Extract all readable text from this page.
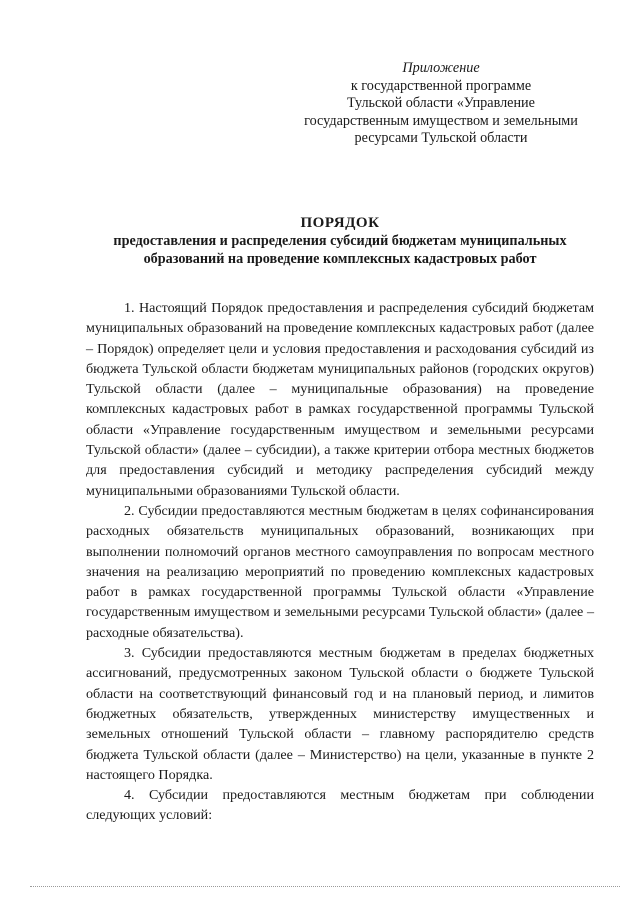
Приложение
к государственной программе
Тульской области «Управление
государственным имуществом и земельными
ресурсами Тульской области
ПОРЯДОК
предоставления и распределения субсидий бюджетам муниципальных образований на проведение комплексных кадастровых работ

1. Настоящий Порядок предоставления и распределения субсидий бюджетам муниципальных образований на проведение комплексных кадастровых работ (далее – Порядок) определяет цели и условия предоставления и расходования субсидий из бюджета Тульской области бюджетам муниципальных районов (городских округов) Тульской области (далее – муниципальные образования) на проведение комплексных кадастровых работ в рамках государственной программы Тульской области «Управление государственным имуществом и земельными ресурсами Тульской области» (далее – субсидии), а также критерии отбора местных бюджетов для предоставления субсидий и методику распределения субсидий между муниципальными образованиями Тульской области.

2. Субсидии предоставляются местным бюджетам в целях софинансирования расходных обязательств муниципальных образований, возникающих при выполнении полномочий органов местного самоуправления по вопросам местного значения на реализацию мероприятий по проведению комплексных кадастровых работ в рамках государственной программы Тульской области «Управление государственным имуществом и земельными ресурсами Тульской области» (далее – расходные обязательства).

3. Субсидии предоставляются местным бюджетам в пределах бюджетных ассигнований, предусмотренных законом Тульской области о бюджете Тульской области на соответствующий финансовый год и на плановый период, и лимитов бюджетных обязательств, утвержденных министерству имущественных и земельных отношений Тульской области – главному распорядителю средств бюджета Тульской области (далее – Министерство) на цели, указанные в пункте 2 настоящего Порядка.

4. Субсидии предоставляются местным бюджетам при соблюдении следующих условий:
